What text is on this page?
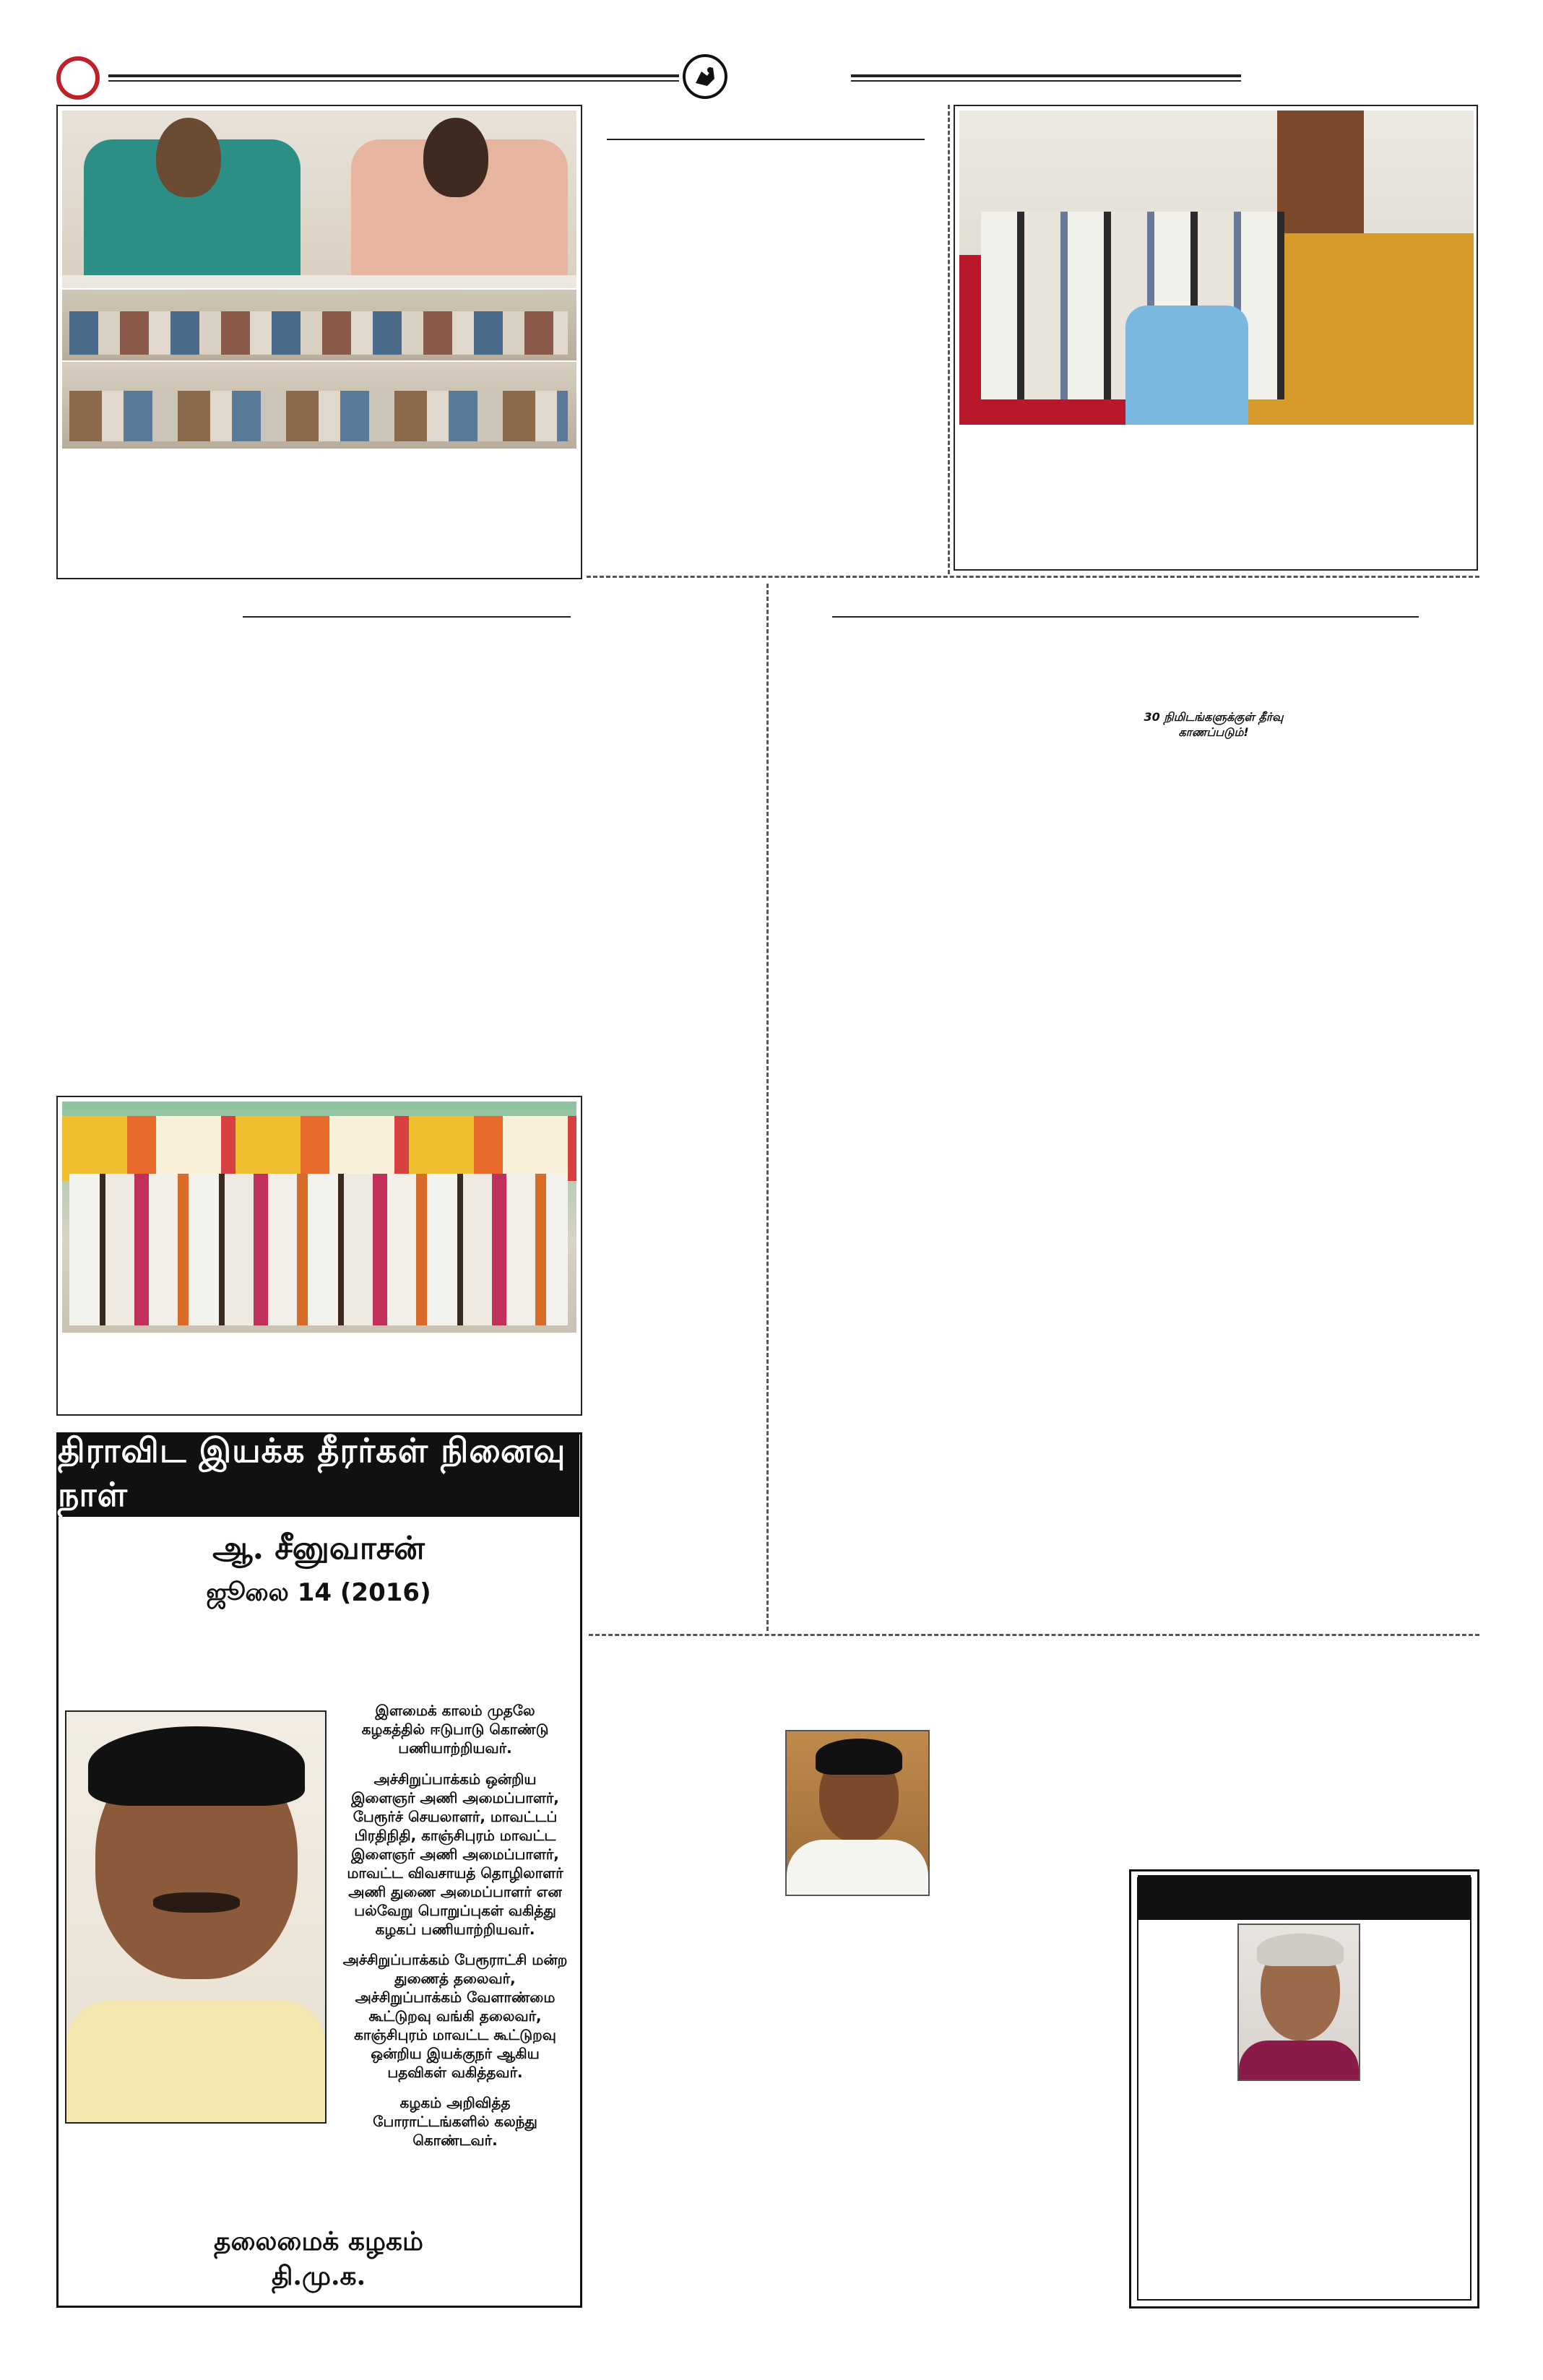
30 நிமிடங்களுக்குள் தீர்வு
காணப்படும்!
திராவிட இயக்க தீரர்கள் நினைவு நாள்
ஆ. சீனுவாசன்
ஜூலை 14 (2016)
இளமைக் காலம் முதலே கழகத்தில் ஈடுபாடு கொண்டு பணியாற்றியவர்.
அச்சிறுப்பாக்கம் ஒன்றிய இளைஞர் அணி அமைப்பாளர், பேரூர்ச் செயலாளர், மாவட்டப் பிரதிநிதி, காஞ்சிபுரம் மாவட்ட இளைஞர் அணி அமைப்பாளர், மாவட்ட விவசாயத் தொழிலாளர் அணி துணை அமைப்பாளர் என பல்வேறு பொறுப்புகள் வகித்து கழகப் பணியாற்றியவர்.
அச்சிறுப்பாக்கம் பேரூராட்சி மன்ற துணைத் தலைவர், அச்சிறுப்பாக்கம் வேளாண்மை கூட்டுறவு வங்கி தலைவர், காஞ்சிபுரம் மாவட்ட கூட்டுறவு ஒன்றிய இயக்குநர் ஆகிய பதவிகள் வகித்தவர்.
கழகம் அறிவித்த போராட்டங்களில் கலந்து கொண்டவர்.
தலைமைக் கழகம்
தி.மு.க.
